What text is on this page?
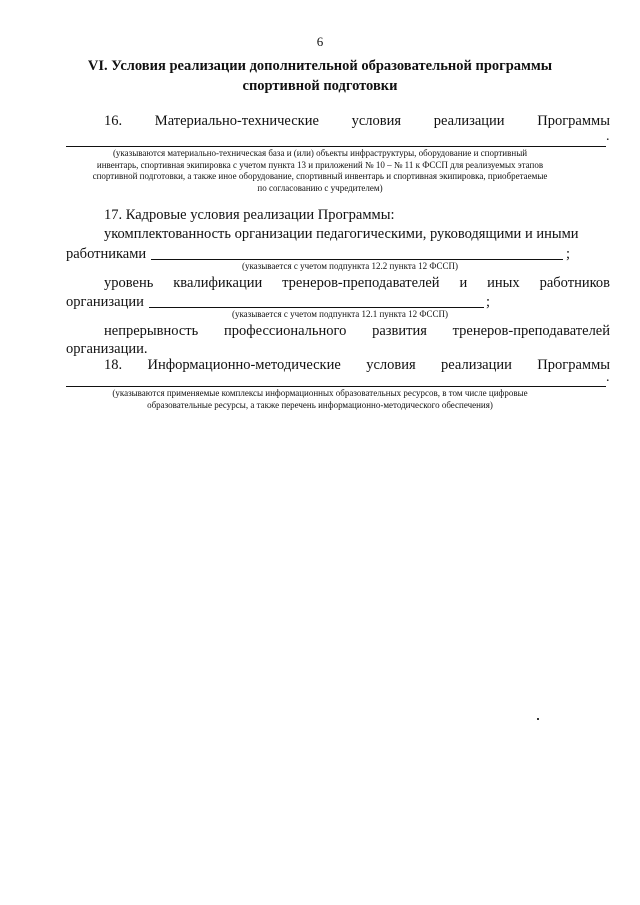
6
VI. Условия реализации дополнительной образовательной программы
спортивной подготовки
16. Материально-технические условия реализации Программы
.
(указываются материально-техническая база и (или) объекты инфраструктуры, оборудование и спортивный
инвентарь, спортивная экипировка с учетом пункта 13 и приложений № 10 – № 11 к ФССП для реализуемых этапов
спортивной подготовки, а также иное оборудование, спортивный инвентарь и спортивная экипировка, приобретаемые
по согласованию с учредителем)
17. Кадровые условия реализации Программы:
укомплектованность организации педагогическими, руководящими и иными
работниками	;
(указывается с учетом подпункта 12.2 пункта 12 ФССП)
уровень квалификации тренеров-преподавателей и иных работников
организации	;
(указывается с учетом подпункта 12.1 пункта 12 ФССП)
непрерывность профессионального развития тренеров-преподавателей
организации.
18. Информационно-методические условия реализации Программы
.
(указываются применяемые комплексы информационных образовательных ресурсов, в том числе цифровые
образовательные ресурсы, а также перечень информационно-методического обеспечения)
